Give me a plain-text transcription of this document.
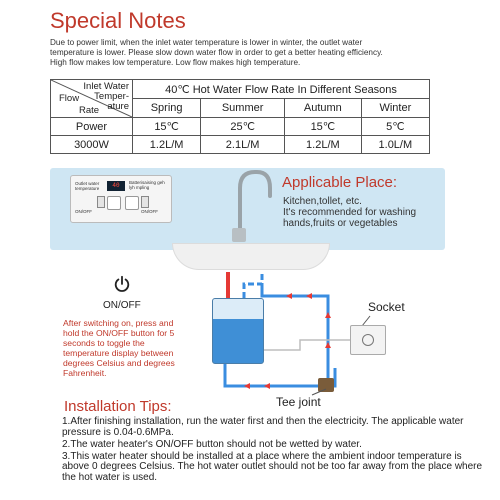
Special Notes
Due to power limit, when the inlet water temperature is lower in winter, the outlet water
temperature is lower. Please slow down water flow in order to get a better heating efficiency.
High flow makes low temperature. Low flow makes high temperature.
Inlet Water
Temper-
ature
Flow
Rate	40℃ Hot Water Flow Rate In Different Seasons			
	Spring	Summer	Autumn	Winter
Power	15℃	25℃	15℃	5℃
3000W	1.2L/M	2.1L/M	1.2L/M	1.0L/M
Outlet water temperature	40	Batterisaising geh lyh mpling
ON/OFF	ON/OFF
Applicable Place:
Kitchen,tollet, etc.
It's recommended for washing
hands,fruits or vegetables
ON/OFF
After switching on, press and hold the ON/OFF button for 5 seconds to toggle the temperature display between degrees Celsius and degrees Fahrenheit.
Socket
Tee joint
Installation Tips:

1.After finishing installation, run the water first and then the electricity. The applicable water pressure is 0.04-0.6MPa.

2.The water heater's ON/OFF button should not be wetted by water.

3.This water heater should be installed at a place where the ambient indoor temperature is above 0 degrees Celsius. The hot water outlet should not be too far away from the place where the hot water is used.
